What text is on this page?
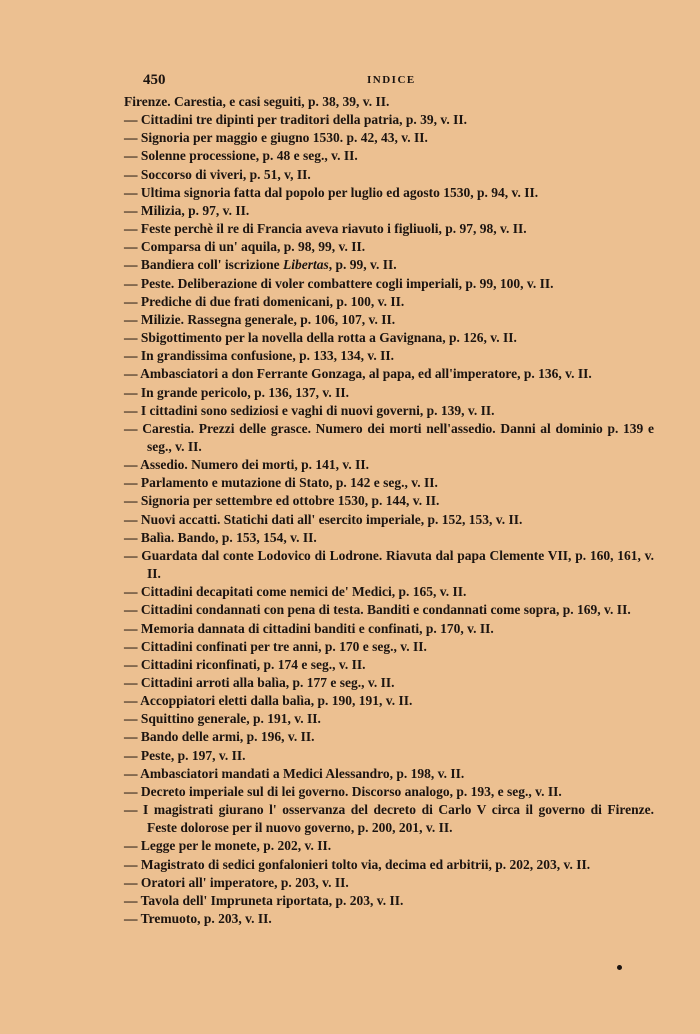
450	INDICE
Firenze. Carestia, e casi seguiti, p. 38, 39, v. II.
— Cittadini tre dipinti per traditori della patria, p. 39, v. II.
— Signoria per maggio e giugno 1530. p. 42, 43, v. II.
— Solenne processione, p. 48 e seg., v. II.
— Soccorso di viveri, p. 51, v, II.
— Ultima signoria fatta dal popolo per luglio ed agosto 1530, p. 94, v. II.
— Milizia, p. 97, v. II.
— Feste perchè il re di Francia aveva riavuto i figliuoli, p. 97, 98, v. II.
— Comparsa di un' aquila, p. 98, 99, v. II.
— Bandiera coll' iscrizione Libertas, p. 99, v. II.
— Peste. Deliberazione di voler combattere cogli imperiali, p. 99, 100, v. II.
— Prediche di due frati domenicani, p. 100, v. II.
— Milizie. Rassegna generale, p. 106, 107, v. II.
— Sbigottimento per la novella della rotta a Gavignana, p. 126, v. II.
— In grandissima confusione, p. 133, 134, v. II.
— Ambasciatori a don Ferrante Gonzaga, al papa, ed all'imperatore, p. 136, v. II.
— In grande pericolo, p. 136, 137, v. II.
— I cittadini sono sediziosi e vaghi di nuovi governi, p. 139, v. II.
— Carestia. Prezzi delle grasce. Numero dei morti nell'assedio. Danni al dominio p. 139 e seg., v. II.
— Assedio. Numero dei morti, p. 141, v. II.
— Parlamento e mutazione di Stato, p. 142 e seg., v. II.
— Signoria per settembre ed ottobre 1530, p. 144, v. II.
— Nuovi accatti. Statichi dati all' esercito imperiale, p. 152, 153, v. II.
— Balìa. Bando, p. 153, 154, v. II.
— Guardata dal conte Lodovico di Lodrone. Riavuta dal papa Clemente VII, p. 160, 161, v. II.
— Cittadini decapitati come nemici de' Medici, p. 165, v. II.
— Cittadini condannati con pena di testa. Banditi e condannati come sopra, p. 169, v. II.
— Memoria dannata di cittadini banditi e confinati, p. 170, v. II.
— Cittadini confinati per tre anni, p. 170 e seg., v. II.
— Cittadini riconfinati, p. 174 e seg., v. II.
— Cittadini arroti alla balìa, p. 177 e seg., v. II.
— Accoppiatori eletti dalla balìa, p. 190, 191, v. II.
— Squittino generale, p. 191, v. II.
— Bando delle armi, p. 196, v. II.
— Peste, p. 197, v. II.
— Ambasciatori mandati a Medici Alessandro, p. 198, v. II.
— Decreto imperiale sul di lei governo. Discorso analogo, p. 193, e seg., v. II.
— I magistrati giurano l' osservanza del decreto di Carlo V circa il governo di Firenze. Feste dolorose per il nuovo governo, p. 200, 201, v. II.
— Legge per le monete, p. 202, v. II.
— Magistrato di sedici gonfalonieri tolto via, decima ed arbitrii, p. 202, 203, v. II.
— Oratori all' imperatore, p. 203, v. II.
— Tavola dell' Impruneta riportata, p. 203, v. II.
— Tremuoto, p. 203, v. II.
